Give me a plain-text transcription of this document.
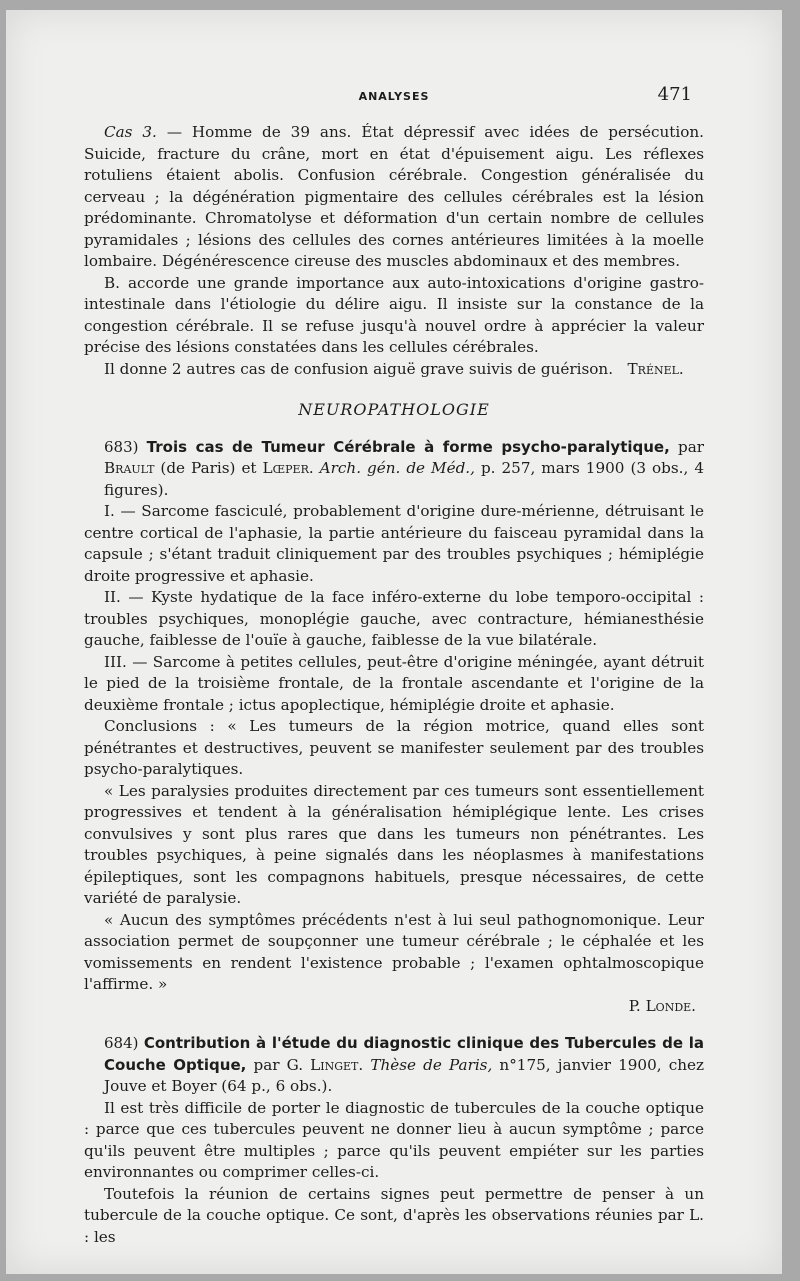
ANALYSES	471

Cas 3. — Homme de 39 ans. État dépressif avec idées de persécution. Suicide, fracture du crâne, mort en état d'épuisement aigu. Les réflexes rotuliens étaient abolis. Confusion cérébrale. Congestion généralisée du cerveau ; la dégénération pigmentaire des cellules cérébrales est la lésion prédominante. Chromatolyse et déformation d'un certain nombre de cellules pyramidales ; lésions des cellules des cornes antérieures limitées à la moelle lombaire. Dégénérescence cireuse des muscles abdominaux et des membres.

B. accorde une grande importance aux auto-intoxications d'origine gastro-intestinale dans l'étiologie du délire aigu. Il insiste sur la constance de la congestion cérébrale. Il se refuse jusqu'à nouvel ordre à apprécier la valeur précise des lésions constatées dans les cellules cérébrales.

Il donne 2 autres cas de confusion aiguë grave suivis de guérison. Trénel.

NEUROPATHOLOGIE

683) Trois cas de Tumeur Cérébrale à forme psycho-paralytique, par Brault (de Paris) et Lœper. Arch. gén. de Méd., p. 257, mars 1900 (3 obs., 4 figures).

I. — Sarcome fasciculé, probablement d'origine dure-mérienne, détruisant le centre cortical de l'aphasie, la partie antérieure du faisceau pyramidal dans la capsule ; s'étant traduit cliniquement par des troubles psychiques ; hémiplégie droite progressive et aphasie.

II. — Kyste hydatique de la face inféro-externe du lobe temporo-occipital : troubles psychiques, monoplégie gauche, avec contracture, hémianesthésie gauche, faiblesse de l'ouïe à gauche, faiblesse de la vue bilatérale.

III. — Sarcome à petites cellules, peut-être d'origine méningée, ayant détruit le pied de la troisième frontale, de la frontale ascendante et l'origine de la deuxième frontale ; ictus apoplectique, hémiplégie droite et aphasie.

Conclusions : « Les tumeurs de la région motrice, quand elles sont pénétrantes et destructives, peuvent se manifester seulement par des troubles psycho-paralytiques.

« Les paralysies produites directement par ces tumeurs sont essentiellement progressives et tendent à la généralisation hémiplégique lente. Les crises convulsives y sont plus rares que dans les tumeurs non pénétrantes. Les troubles psychiques, à peine signalés dans les néoplasmes à manifestations épileptiques, sont les compagnons habituels, presque nécessaires, de cette variété de paralysie.

« Aucun des symptômes précédents n'est à lui seul pathognomonique. Leur association permet de soupçonner une tumeur cérébrale ; le céphalée et les vomissements en rendent l'existence probable ; l'examen ophtalmoscopique l'affirme. »

P. Londe.

684) Contribution à l'étude du diagnostic clinique des Tubercules de la Couche Optique, par G. Linget. Thèse de Paris, n°175, janvier 1900, chez Jouve et Boyer (64 p., 6 obs.).

Il est très difficile de porter le diagnostic de tubercules de la couche optique : parce que ces tubercules peuvent ne donner lieu à aucun symptôme ; parce qu'ils peuvent être multiples ; parce qu'ils peuvent empiéter sur les parties environnantes ou comprimer celles-ci.

Toutefois la réunion de certains signes peut permettre de penser à un tubercule de la couche optique. Ce sont, d'après les observations réunies par L. : les
